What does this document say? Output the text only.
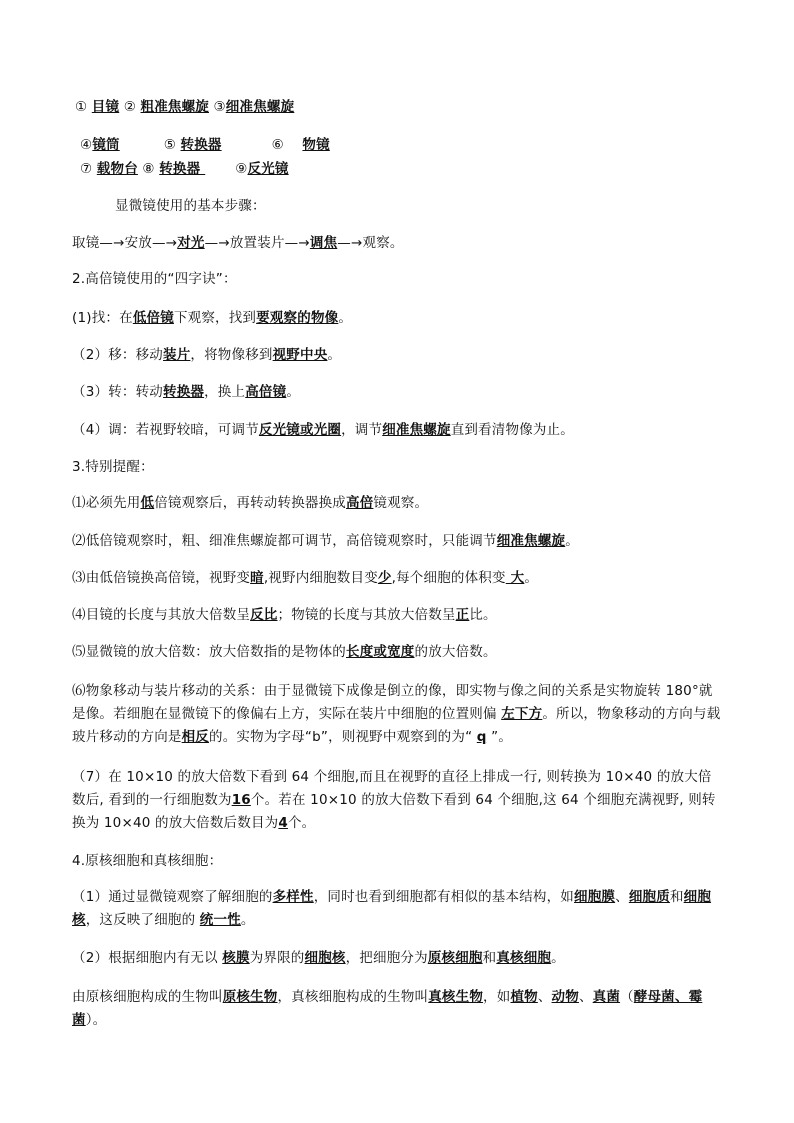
① 目镜 ② 粗准焦螺旋 ③细准焦螺旋
④镜筒	⑤ 转换器	⑥ 物镜
⑦ 载物台 ⑧ 转换器 ⑨反光镜
显微镜使用的基本步骤：
取镜—→安放—→对光—→放置装片—→调焦—→观察。
2.高倍镜使用的“四字诀”：
(1)找：在低倍镜下观察，找到要观察的物像。
（2）移：移动装片，将物像移到视野中央。
（3）转：转动转换器，换上高倍镜。
（4）调：若视野较暗，可调节反光镜或光圈，调节细准焦螺旋直到看清物像为止。
3.特别提醒：
⑴必须先用低倍镜观察后，再转动转换器换成高倍镜观察。
⑵低倍镜观察时，粗、细准焦螺旋都可调节，高倍镜观察时，只能调节细准焦螺旋。
⑶由低倍镜换高倍镜，视野变暗,视野内细胞数目变少,每个细胞的体积变 大。
⑷目镜的长度与其放大倍数呈反比；物镜的长度与其放大倍数呈正比。
⑸显微镜的放大倍数：放大倍数指的是物体的长度或宽度的放大倍数。
⑹物象移动与装片移动的关系：由于显微镜下成像是倒立的像，即实物与像之间的关系是实物旋转 180°就是像。若细胞在显微镜下的像偏右上方，实际在装片中细胞的位置则偏 左下方。所以，物象移动的方向与载玻片移动的方向是相反的。实物为字母“b”，则视野中观察到的为“ q ”。
（7）在 10×10 的放大倍数下看到 64 个细胞,而且在视野的直径上排成一行, 则转换为 10×40 的放大倍数后, 看到的一行细胞数为16个。若在 10×10 的放大倍数下看到 64 个细胞,这 64 个细胞充满视野, 则转换为 10×40 的放大倍数后数目为4个。
4.原核细胞和真核细胞：
（1）通过显微镜观察了解细胞的多样性，同时也看到细胞都有相似的基本结构，如细胞膜、细胞质和细胞核，这反映了细胞的 统一性。
（2）根据细胞内有无以 核膜为界限的细胞核，把细胞分为原核细胞和真核细胞。
由原核细胞构成的生物叫原核生物，真核细胞构成的生物叫真核生物，如植物、动物、真菌（酵母菌、霉菌）。
